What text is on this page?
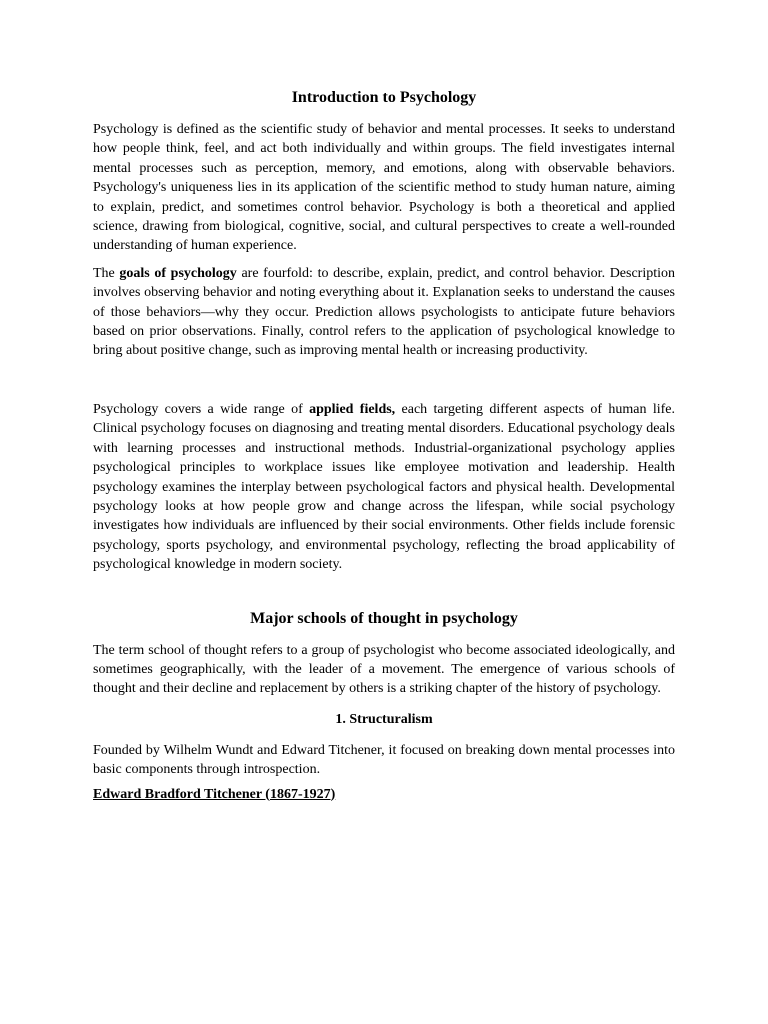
Introduction to Psychology

Psychology is defined as the scientific study of behavior and mental processes. It seeks to understand how people think, feel, and act both individually and within groups. The field investigates internal mental processes such as perception, memory, and emotions, along with observable behaviors. Psychology's uniqueness lies in its application of the scientific method to study human nature, aiming to explain, predict, and sometimes control behavior. Psychology is both a theoretical and applied science, drawing from biological, cognitive, social, and cultural perspectives to create a well-rounded understanding of human experience.

The goals of psychology are fourfold: to describe, explain, predict, and control behavior. Description involves observing behavior and noting everything about it. Explanation seeks to understand the causes of those behaviors—why they occur. Prediction allows psychologists to anticipate future behaviors based on prior observations. Finally, control refers to the application of psychological knowledge to bring about positive change, such as improving mental health or increasing productivity.

Psychology covers a wide range of applied fields, each targeting different aspects of human life. Clinical psychology focuses on diagnosing and treating mental disorders. Educational psychology deals with learning processes and instructional methods. Industrial-organizational psychology applies psychological principles to workplace issues like employee motivation and leadership. Health psychology examines the interplay between psychological factors and physical health. Developmental psychology looks at how people grow and change across the lifespan, while social psychology investigates how individuals are influenced by their social environments. Other fields include forensic psychology, sports psychology, and environmental psychology, reflecting the broad applicability of psychological knowledge in modern society.

Major schools of thought in psychology

The term school of thought refers to a group of psychologist who become associated ideologically, and sometimes geographically, with the leader of a movement. The emergence of various schools of thought and their decline and replacement by others is a striking chapter of the history of psychology.

1. Structuralism

Founded by Wilhelm Wundt and Edward Titchener, it focused on breaking down mental processes into basic components through introspection.

Edward Bradford Titchener (1867-1927)
